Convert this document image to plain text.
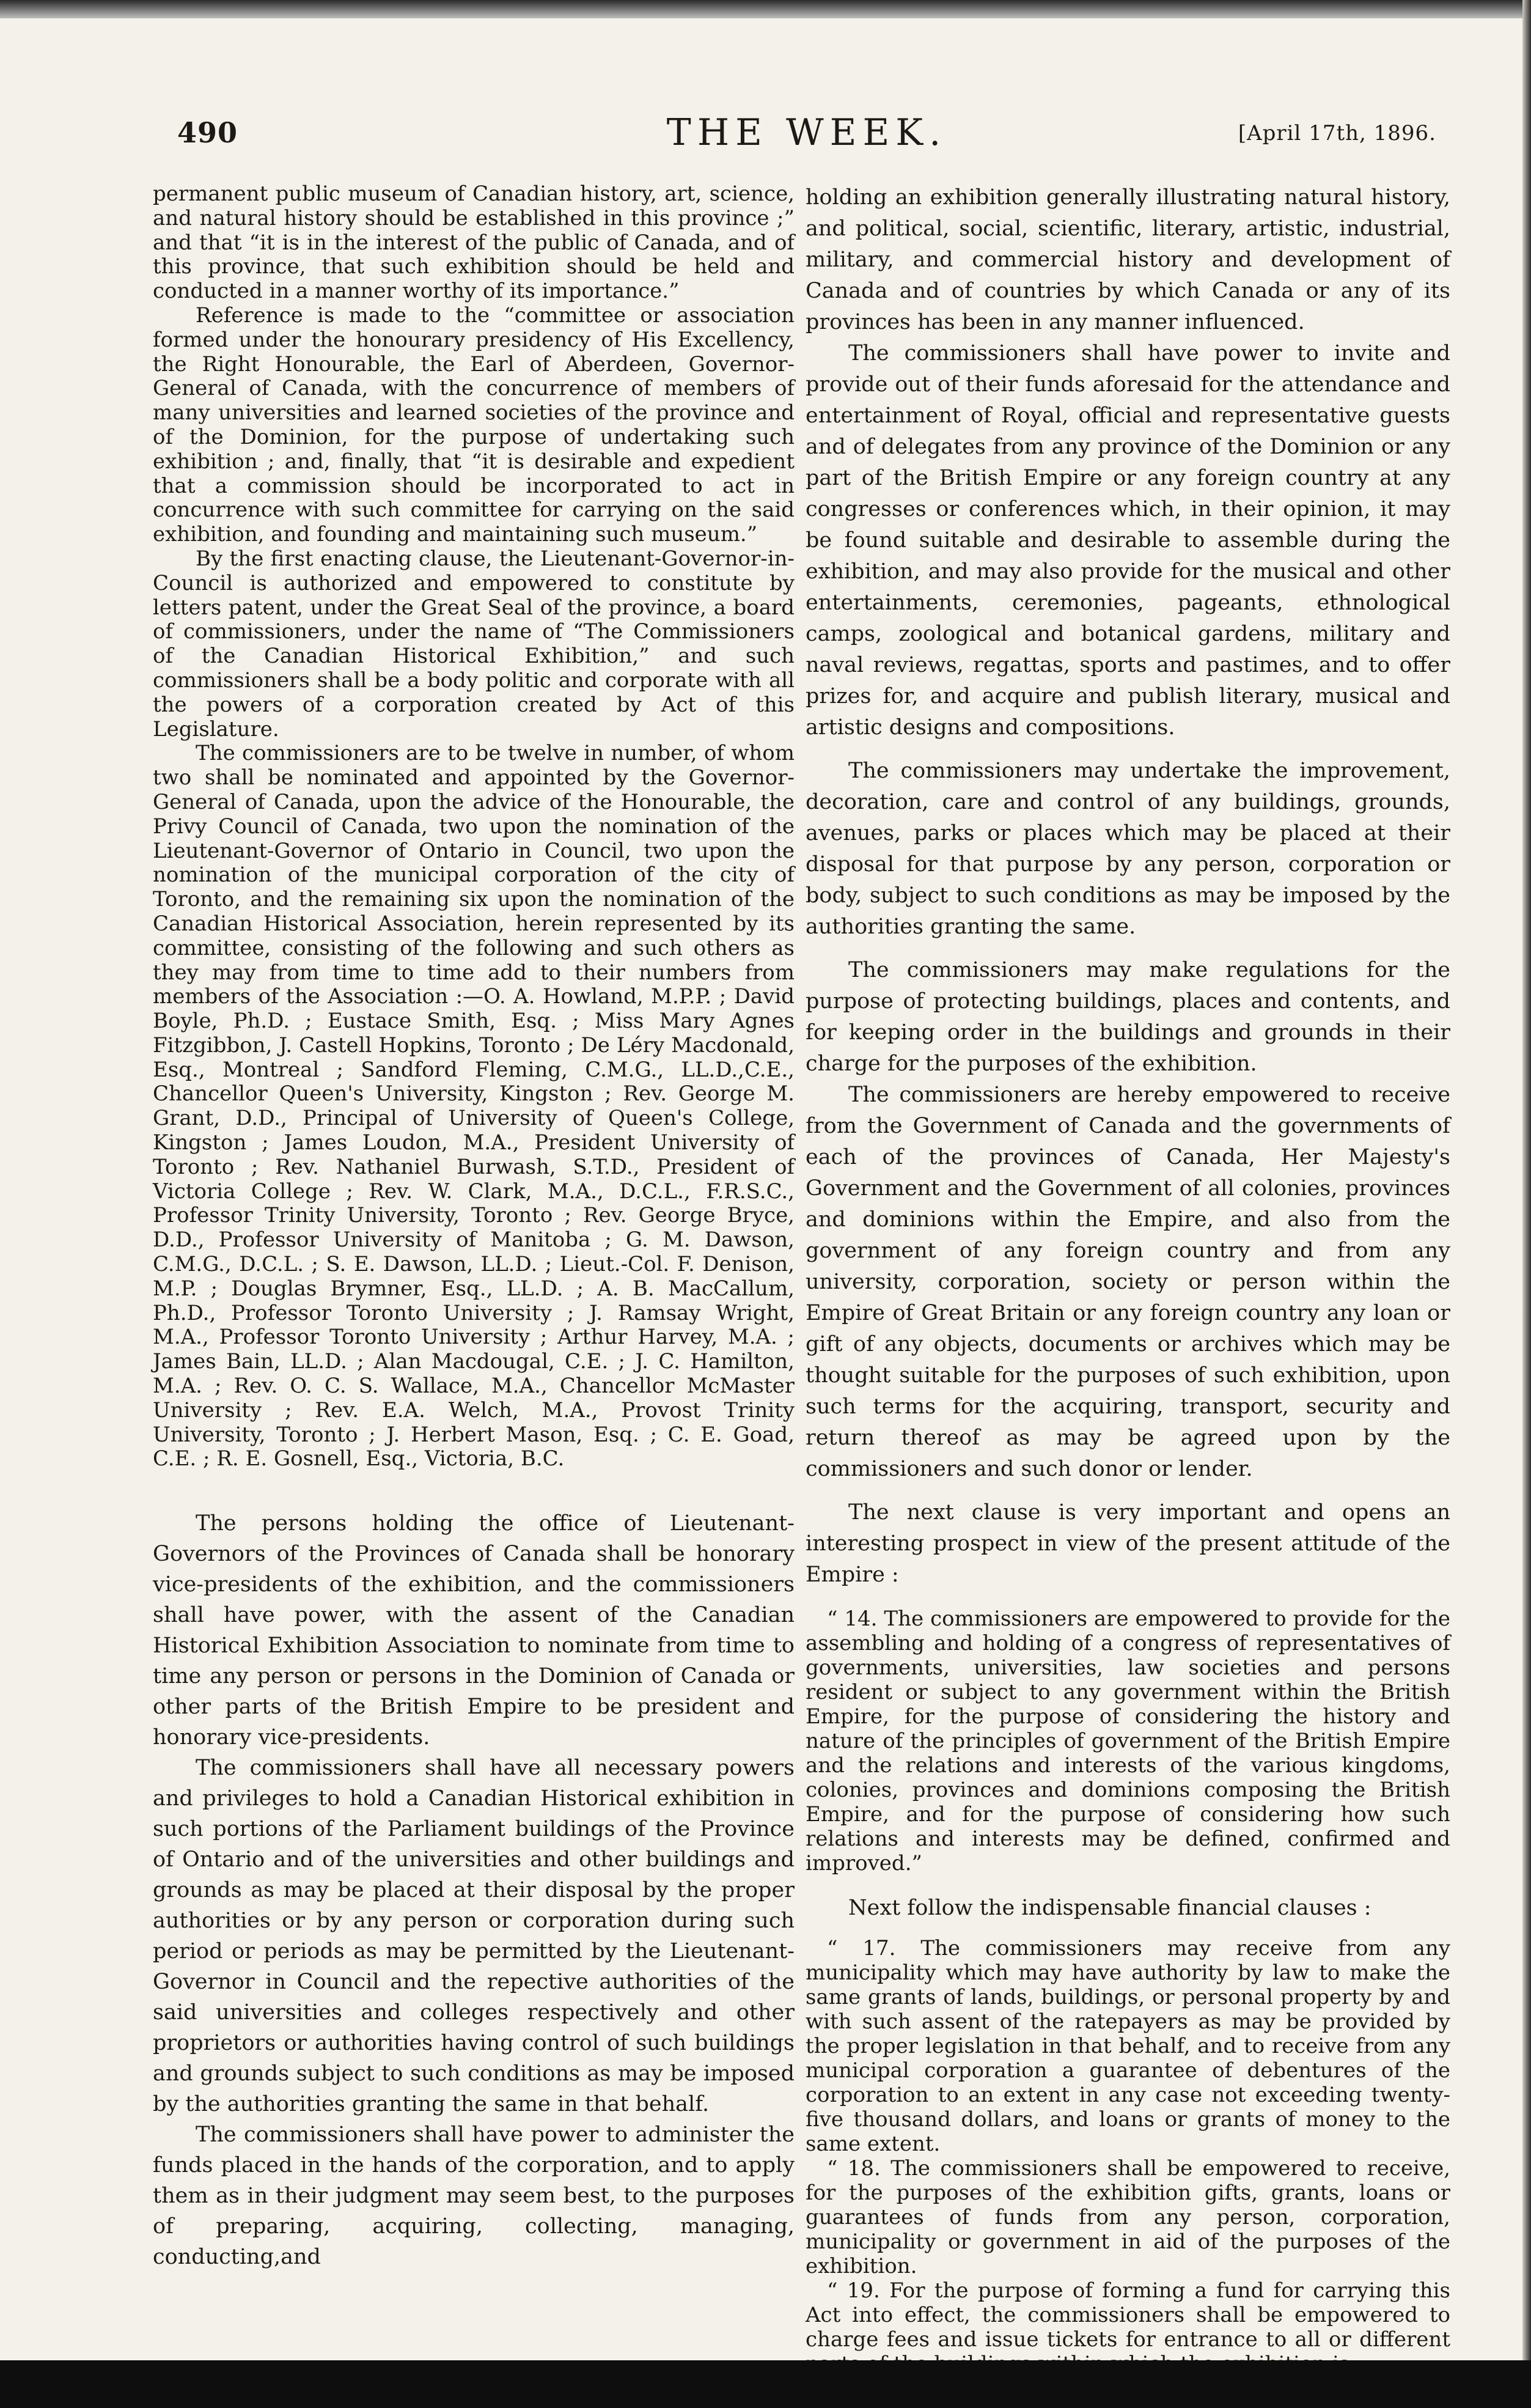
490	THE WEEK.	[April 17th, 1896.

permanent public museum of Canadian history, art, science, and natural history should be established in this province ;” and that “it is in the interest of the public of Canada, and of this province, that such exhibition should be held and conducted in a manner worthy of its importance.”

Reference is made to the “committee or association formed under the honourary presidency of His Excellency, the Right Honourable, the Earl of Aberdeen, Governor-General of Canada, with the concurrence of members of many universities and learned societies of the province and of the Dominion, for the purpose of undertaking such exhibition ; and, finally, that “it is desirable and expedient that a commission should be incorporated to act in concurrence with such committee for carrying on the said exhibition, and founding and maintaining such museum.”

By the first enacting clause, the Lieutenant-Governor-in-Council is authorized and empowered to constitute by letters patent, under the Great Seal of the province, a board of commissioners, under the name of “The Commissioners of the Canadian Historical Exhibition,” and such commissioners shall be a body politic and corporate with all the powers of a corporation created by Act of this Legislature.

The commissioners are to be twelve in number, of whom two shall be nominated and appointed by the Governor-General of Canada, upon the advice of the Honourable, the Privy Council of Canada, two upon the nomination of the Lieutenant-Governor of Ontario in Council, two upon the nomination of the municipal corporation of the city of Toronto, and the remaining six upon the nomination of the Canadian Historical Association, herein represented by its committee, consisting of the following and such others as they may from time to time add to their numbers from members of the Association :—O. A. Howland, M.P.P. ; David Boyle, Ph.D. ; Eustace Smith, Esq. ; Miss Mary Agnes Fitzgibbon, J. Castell Hopkins, Toronto ; De Léry Macdonald, Esq., Montreal ; Sandford Fleming, C.M.G., LL.D.,C.E., Chancellor Queen's University, Kingston ; Rev. George M. Grant, D.D., Principal of University of Queen's College, Kingston ; James Loudon, M.A., President University of Toronto ; Rev. Nathaniel Burwash, S.T.D., President of Victoria College ; Rev. W. Clark, M.A., D.C.L., F.R.S.C., Professor Trinity University, Toronto ; Rev. George Bryce, D.D., Professor University of Manitoba ; G. M. Dawson, C.M.G., D.C.L. ; S. E. Dawson, LL.D. ; Lieut.-Col. F. Denison, M.P. ; Douglas Brymner, Esq., LL.D. ; A. B. MacCallum, Ph.D., Professor Toronto University ; J. Ramsay Wright, M.A., Professor Toronto University ; Arthur Harvey, M.A. ; James Bain, LL.D. ; Alan Macdougal, C.E. ; J. C. Hamilton, M.A. ; Rev. O. C. S. Wallace, M.A., Chancellor McMaster University ; Rev. E.A. Welch, M.A., Provost Trinity University, Toronto ; J. Herbert Mason, Esq. ; C. E. Goad, C.E. ; R. E. Gosnell, Esq., Victoria, B.C.

The persons holding the office of Lieutenant-Governors of the Provinces of Canada shall be honorary vice-presidents of the exhibition, and the commissioners shall have power, with the assent of the Canadian Historical Exhibition Association to nominate from time to time any person or persons in the Dominion of Canada or other parts of the British Empire to be president and honorary vice-presidents.

The commissioners shall have all necessary powers and privileges to hold a Canadian Historical exhibition in such portions of the Parliament buildings of the Province of Ontario and of the universities and other buildings and grounds as may be placed at their disposal by the proper authorities or by any person or corporation during such period or periods as may be permitted by the Lieutenant-Governor in Council and the repective authorities of the said universities and colleges respectively and other proprietors or authorities having control of such buildings and grounds subject to such conditions as may be imposed by the authorities granting the same in that behalf.

The commissioners shall have power to administer the funds placed in the hands of the corporation, and to apply them as in their judgment may seem best, to the purposes of preparing, acquiring, collecting, managing, conducting,and

holding an exhibition generally illustrating natural history, and political, social, scientific, literary, artistic, industrial, military, and commercial history and development of Canada and of countries by which Canada or any of its provinces has been in any manner influenced.

The commissioners shall have power to invite and provide out of their funds aforesaid for the attendance and entertainment of Royal, official and representative guests and of delegates from any province of the Dominion or any part of the British Empire or any foreign country at any congresses or conferences which, in their opinion, it may be found suitable and desirable to assemble during the exhibition, and may also provide for the musical and other entertainments, ceremonies, pageants, ethnological camps, zoological and botanical gardens, military and naval reviews, regattas, sports and pastimes, and to offer prizes for, and acquire and publish literary, musical and artistic designs and compositions.

The commissioners may undertake the improvement, decoration, care and control of any buildings, grounds, avenues, parks or places which may be placed at their disposal for that purpose by any person, corporation or body, subject to such conditions as may be imposed by the authorities granting the same.

The commissioners may make regulations for the purpose of protecting buildings, places and contents, and for keeping order in the buildings and grounds in their charge for the purposes of the exhibition.

The commissioners are hereby empowered to receive from the Government of Canada and the governments of each of the provinces of Canada, Her Majesty's Government and the Government of all colonies, provinces and dominions within the Empire, and also from the government of any foreign country and from any university, corporation, society or person within the Empire of Great Britain or any foreign country any loan or gift of any objects, documents or archives which may be thought suitable for the purposes of such exhibition, upon such terms for the acquiring, transport, security and return thereof as may be agreed upon by the commissioners and such donor or lender.

The next clause is very important and opens an interesting prospect in view of the present attitude of the Empire :

“ 14. The commissioners are empowered to provide for the assembling and holding of a congress of representatives of governments, universities, law societies and persons resident or subject to any government within the British Empire, for the purpose of considering the history and nature of the principles of government of the British Empire and the relations and interests of the various kingdoms, colonies, provinces and dominions composing the British Empire, and for the purpose of considering how such relations and interests may be defined, confirmed and improved.”

Next follow the indispensable financial clauses :

“ 17. The commissioners may receive from any municipality which may have authority by law to make the same grants of lands, buildings, or personal property by and with such assent of the ratepayers as may be provided by the proper legislation in that behalf, and to receive from any municipal corporation a guarantee of debentures of the corporation to an extent in any case not exceeding twenty-five thousand dollars, and loans or grants of money to the same extent.

“ 18. The commissioners shall be empowered to receive, for the purposes of the exhibition gifts, grants, loans or guarantees of funds from any person, corporation, municipality or government in aid of the purposes of the exhibition.

“ 19. For the purpose of forming a fund for carrying this Act into effect, the commissioners shall be empowered to charge fees and issue tickets for entrance to all or different
